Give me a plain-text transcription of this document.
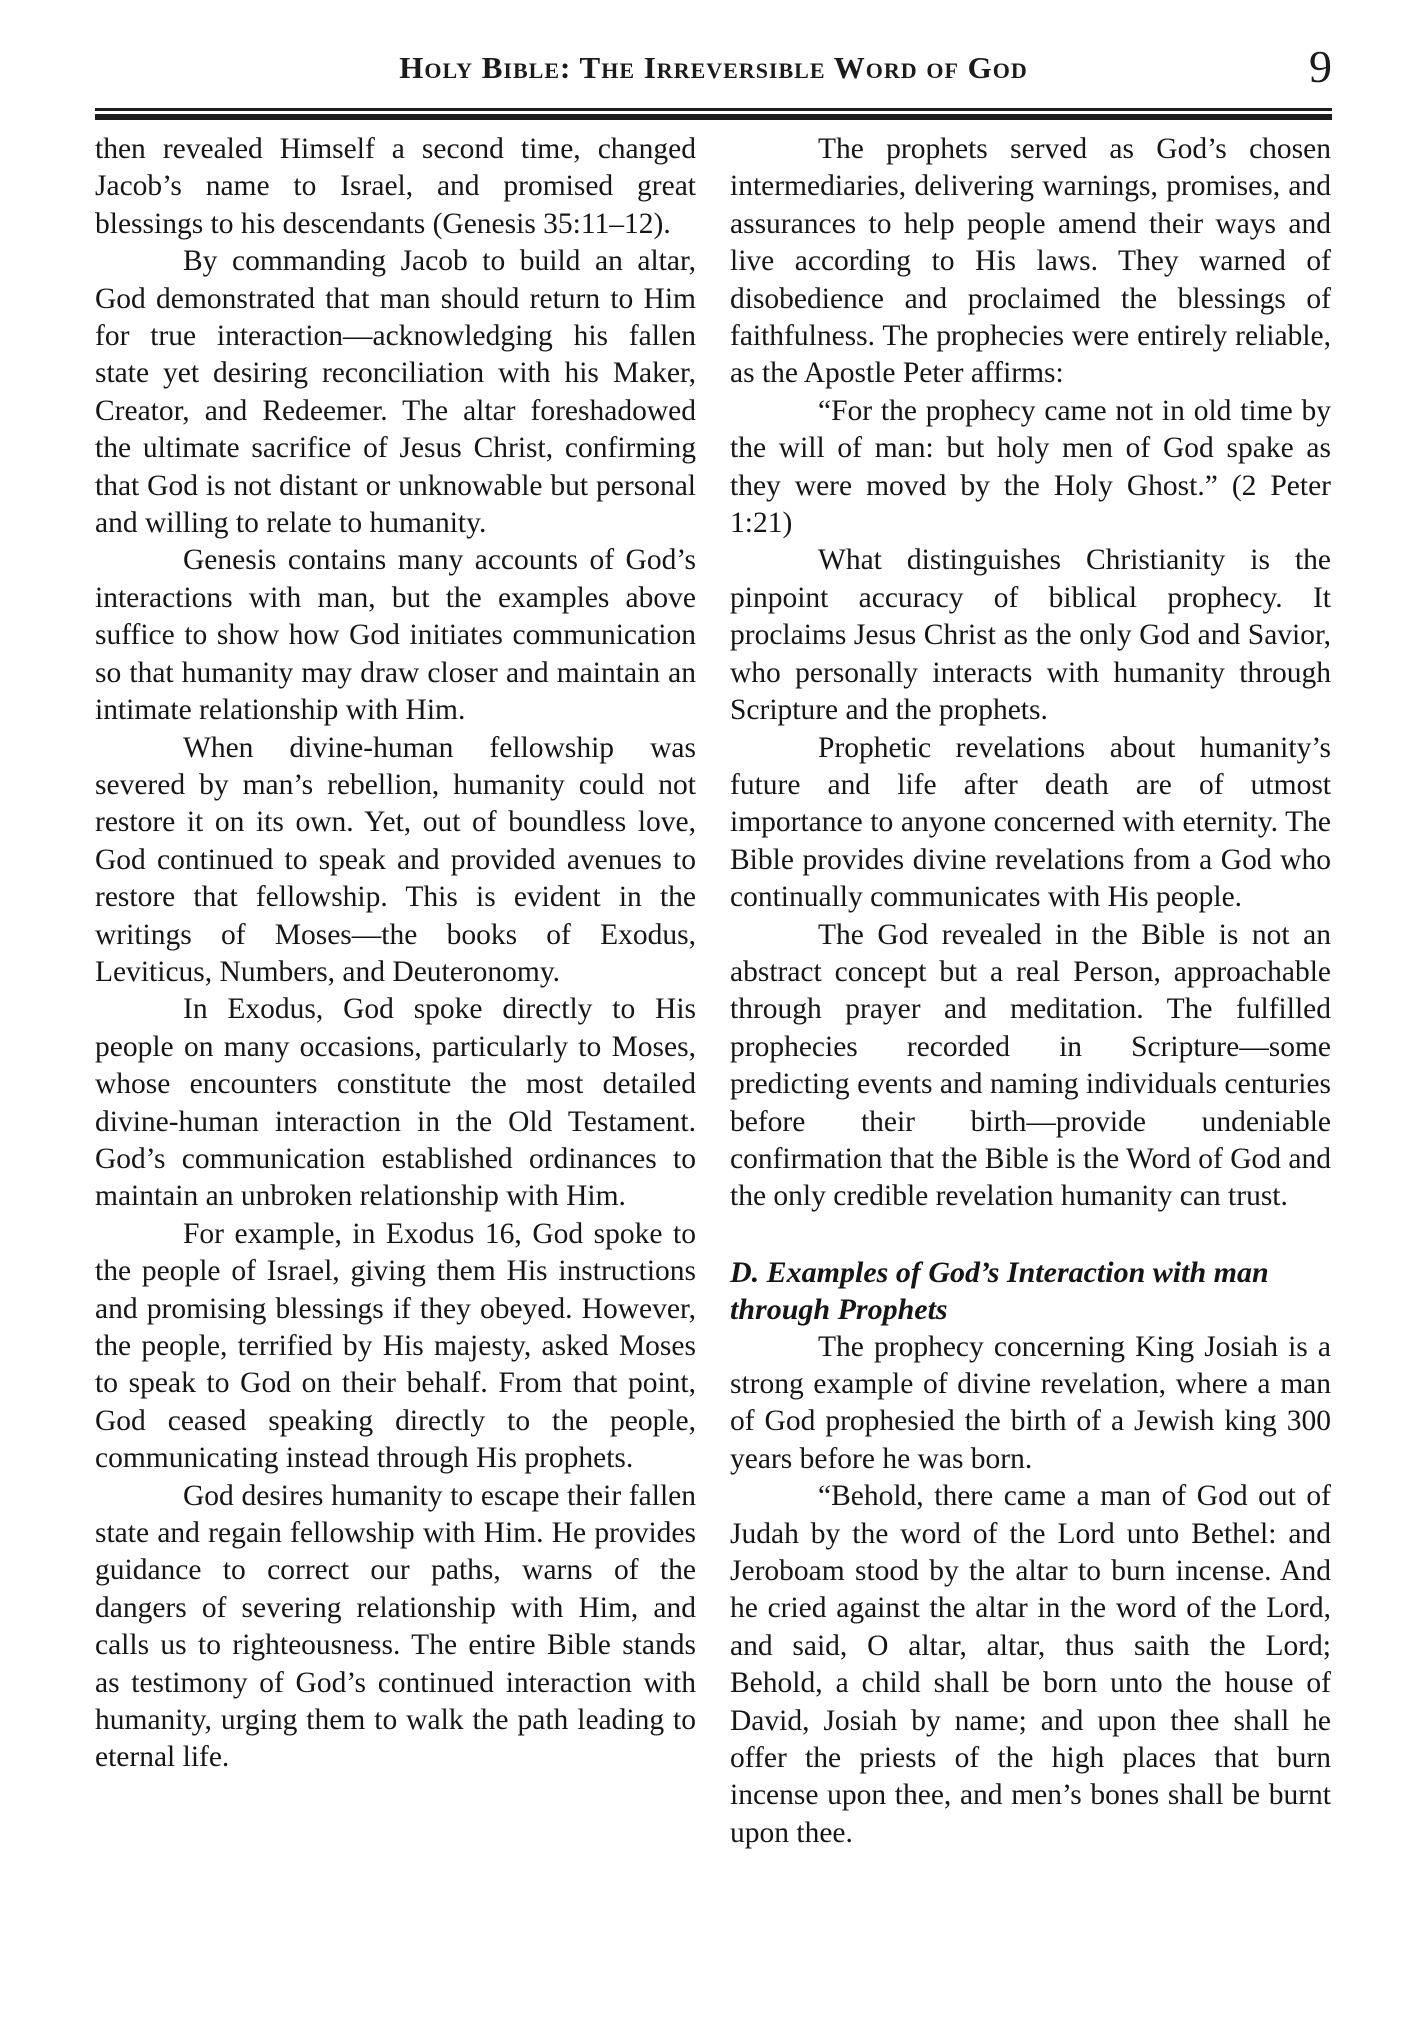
Holy Bible: The Irreversible Word of God	9

then revealed Himself a second time, changed Jacob’s name to Israel, and promised great blessings to his descendants (Genesis 35:11–12).

By commanding Jacob to build an altar, God demonstrated that man should return to Him for true interaction—acknowledging his fallen state yet desiring reconciliation with his Maker, Creator, and Redeemer. The altar foreshadowed the ultimate sacrifice of Jesus Christ, confirming that God is not distant or unknowable but personal and willing to relate to humanity.

Genesis contains many accounts of God’s interactions with man, but the examples above suffice to show how God initiates communication so that humanity may draw closer and maintain an intimate relationship with Him.

When divine-human fellowship was severed by man’s rebellion, humanity could not restore it on its own. Yet, out of boundless love, God continued to speak and provided avenues to restore that fellowship. This is evident in the writings of Moses—the books of Exodus, Leviticus, Numbers, and Deuteronomy.

In Exodus, God spoke directly to His people on many occasions, particularly to Moses, whose encounters constitute the most detailed divine-human interaction in the Old Testament. God’s communication established ordinances to maintain an unbroken relationship with Him.

For example, in Exodus 16, God spoke to the people of Israel, giving them His instructions and promising blessings if they obeyed. However, the people, terrified by His majesty, asked Moses to speak to God on their behalf. From that point, God ceased speaking directly to the people, communicating instead through His prophets.

God desires humanity to escape their fallen state and regain fellowship with Him. He provides guidance to correct our paths, warns of the dangers of severing relationship with Him, and calls us to righteousness. The entire Bible stands as testimony of God’s continued interaction with humanity, urging them to walk the path leading to eternal life.

The prophets served as God’s chosen intermediaries, delivering warnings, promises, and assurances to help people amend their ways and live according to His laws. They warned of disobedience and proclaimed the blessings of faithfulness. The prophecies were entirely reliable, as the Apostle Peter affirms:

“For the prophecy came not in old time by the will of man: but holy men of God spake as they were moved by the Holy Ghost.” (2 Peter 1:21)

What distinguishes Christianity is the pinpoint accuracy of biblical prophecy. It proclaims Jesus Christ as the only God and Savior, who personally interacts with humanity through Scripture and the prophets.

Prophetic revelations about humanity’s future and life after death are of utmost importance to anyone concerned with eternity. The Bible provides divine revelations from a God who continually communicates with His people.

The God revealed in the Bible is not an abstract concept but a real Person, approachable through prayer and meditation. The fulfilled prophecies recorded in Scripture—some predicting events and naming individuals centuries before their birth—provide undeniable confirmation that the Bible is the Word of God and the only credible revelation humanity can trust.

D. Examples of God’s Interaction with man through Prophets

The prophecy concerning King Josiah is a strong example of divine revelation, where a man of God prophesied the birth of a Jewish king 300 years before he was born.

“Behold, there came a man of God out of Judah by the word of the Lord unto Bethel: and Jeroboam stood by the altar to burn incense. And he cried against the altar in the word of the Lord, and said, O altar, altar, thus saith the Lord; Behold, a child shall be born unto the house of David, Josiah by name; and upon thee shall he offer the priests of the high places that burn incense upon thee, and men’s bones shall be burnt upon thee.
